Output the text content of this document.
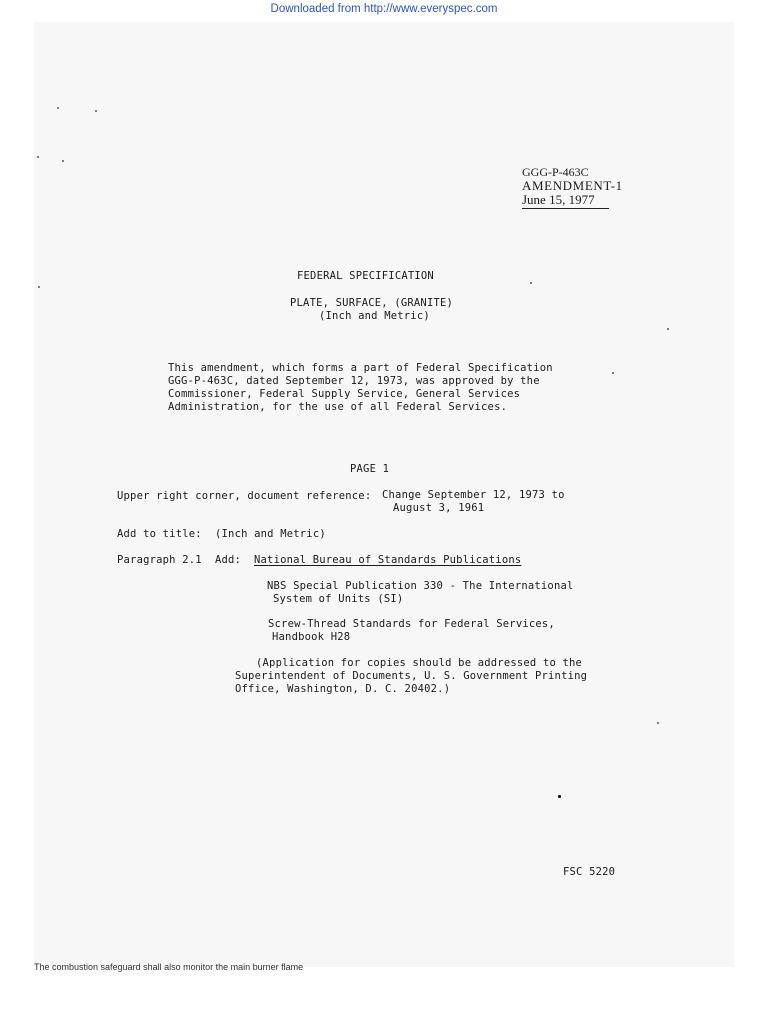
Downloaded from http://www.everyspec.com
GGG-P-463C
AMENDMENT-1
June 15, 1977
FEDERAL SPECIFICATION
PLATE, SURFACE, (GRANITE)
(Inch and Metric)
This amendment, which forms a part of Federal Specification
GGG-P-463C, dated September 12, 1973, was approved by the
Commissioner, Federal Supply Service, General Services
Administration, for the use of all Federal Services.
PAGE 1
Upper right corner, document reference: Change September 12, 1973 to
August 3, 1961
Add to title: (Inch and Metric)
Paragraph 2.1 Add: National Bureau of Standards Publications
NBS Special Publication 330 - The International
System of Units (SI)
Screw-Thread Standards for Federal Services,
Handbook H28
(Application for copies should be addressed to the
Superintendent of Documents, U. S. Government Printing
Office, Washington, D. C. 20402.)
FSC 5220
The combustion safeguard shall also monitor the main burner flame
